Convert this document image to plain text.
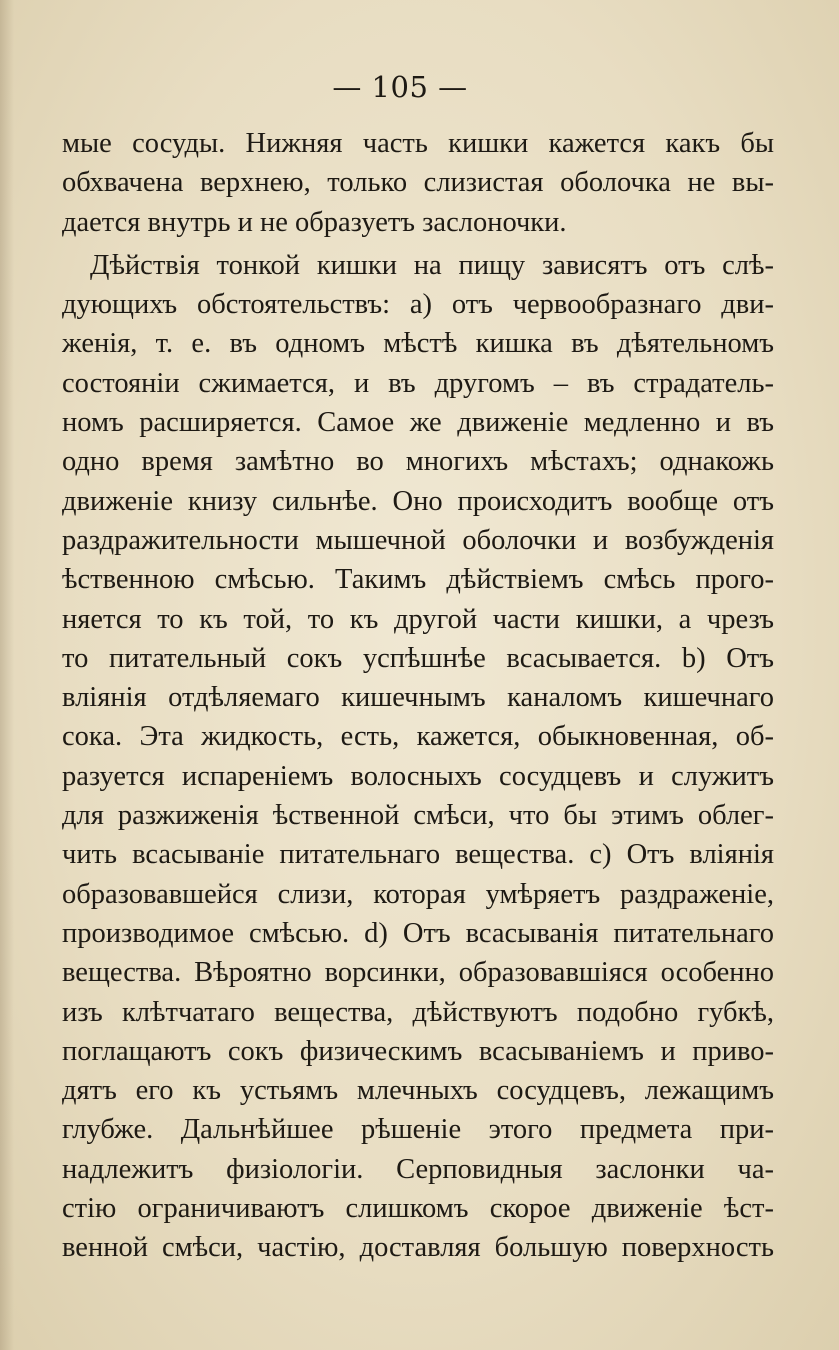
— 105 —
мые сосуды. Нижняя часть кишки кажется какъ бы
обхвачена верхнею, только слизистая оболочка не вы-
дается внутрь и не образуетъ заслоночки.
Дѣйствія тонкой кишки на пищу зависятъ отъ слѣ-
дующихъ обстоятельствъ: a) отъ червообразнаго дви-
женія, т. е. въ одномъ мѣстѣ кишка въ дѣятельномъ
состояніи сжимается, и въ другомъ – въ страдатель-
номъ расширяется. Самое же движеніе медленно и въ
одно время замѣтно во многихъ мѣстахъ; однакожь
движеніе книзу сильнѣе. Оно происходитъ вообще отъ
раздражительности мышечной оболочки и возбужденія
ѣственною смѣсью. Такимъ дѣйствіемъ смѣсь прого-
няется то къ той, то къ другой части кишки, а чрезъ
то питательный сокъ успѣшнѣе всасывается. b) Отъ
вліянія отдѣляемаго кишечнымъ каналомъ кишечнаго
сока. Эта жидкость, есть, кажется, обыкновенная, об-
разуется испареніемъ волосныхъ сосудцевъ и служитъ
для разжиженія ѣственной смѣси, что бы этимъ облег-
чить всасываніе питательнаго вещества. c) Отъ вліянія
образовавшейся слизи, которая умѣряетъ раздраженіе,
производимое смѣсью. d) Отъ всасыванія питательнаго
вещества. Вѣроятно ворсинки, образовавшіяся особенно
изъ клѣтчатаго вещества, дѣйствуютъ подобно губкѣ,
поглащаютъ сокъ физическимъ всасываніемъ и приво-
дятъ его къ устьямъ млечныхъ сосудцевъ, лежащимъ
глубже. Дальнѣйшее рѣшеніе этого предмета при-
надлежитъ физіологіи. Серповидныя заслонки ча-
стію ограничиваютъ слишкомъ скорое движеніе ѣст-
венной смѣси, частію, доставляя большую поверхность
